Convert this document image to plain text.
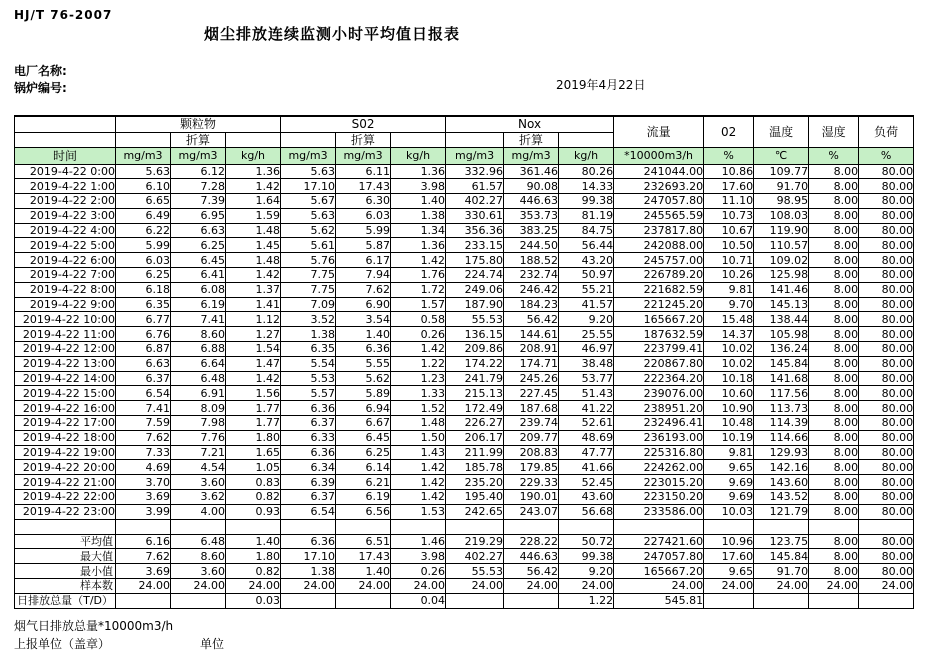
HJ/T 76-2007
烟尘排放连续监测小时平均值日报表
电厂名称:
锅炉编号:	2019年4月22日
	颗粒物			S02			Nox			流量	02	温度	湿度	负荷
		折算			折算			折算						
时间	mg/m3	mg/m3	kg/h	mg/m3	mg/m3	kg/h	mg/m3	mg/m3	kg/h	*10000m3/h	%	℃	%	%
2019-4-22 0:00	5.63	6.12	1.36	5.63	6.11	1.36	332.96	361.46	80.26	241044.00	10.86	109.77	8.00	80.00
2019-4-22 1:00	6.10	7.28	1.42	17.10	17.43	3.98	61.57	90.08	14.33	232693.20	17.60	91.70	8.00	80.00
2019-4-22 2:00	6.65	7.39	1.64	5.67	6.30	1.40	402.27	446.63	99.38	247057.80	11.10	98.95	8.00	80.00
2019-4-22 3:00	6.49	6.95	1.59	5.63	6.03	1.38	330.61	353.73	81.19	245565.59	10.73	108.03	8.00	80.00
2019-4-22 4:00	6.22	6.63	1.48	5.62	5.99	1.34	356.36	383.25	84.75	237817.80	10.67	119.90	8.00	80.00
2019-4-22 5:00	5.99	6.25	1.45	5.61	5.87	1.36	233.15	244.50	56.44	242088.00	10.50	110.57	8.00	80.00
2019-4-22 6:00	6.03	6.45	1.48	5.76	6.17	1.42	175.80	188.52	43.20	245757.00	10.71	109.02	8.00	80.00
2019-4-22 7:00	6.25	6.41	1.42	7.75	7.94	1.76	224.74	232.74	50.97	226789.20	10.26	125.98	8.00	80.00
2019-4-22 8:00	6.18	6.08	1.37	7.75	7.62	1.72	249.06	246.42	55.21	221682.59	9.81	141.46	8.00	80.00
2019-4-22 9:00	6.35	6.19	1.41	7.09	6.90	1.57	187.90	184.23	41.57	221245.20	9.70	145.13	8.00	80.00
2019-4-22 10:00	6.77	7.41	1.12	3.52	3.54	0.58	55.53	56.42	9.20	165667.20	15.48	138.44	8.00	80.00
2019-4-22 11:00	6.76	8.60	1.27	1.38	1.40	0.26	136.15	144.61	25.55	187632.59	14.37	105.98	8.00	80.00
2019-4-22 12:00	6.87	6.88	1.54	6.35	6.36	1.42	209.86	208.91	46.97	223799.41	10.02	136.24	8.00	80.00
2019-4-22 13:00	6.63	6.64	1.47	5.54	5.55	1.22	174.22	174.71	38.48	220867.80	10.02	145.84	8.00	80.00
2019-4-22 14:00	6.37	6.48	1.42	5.53	5.62	1.23	241.79	245.26	53.77	222364.20	10.18	141.68	8.00	80.00
2019-4-22 15:00	6.54	6.91	1.56	5.57	5.89	1.33	215.13	227.45	51.43	239076.00	10.60	117.56	8.00	80.00
2019-4-22 16:00	7.41	8.09	1.77	6.36	6.94	1.52	172.49	187.68	41.22	238951.20	10.90	113.73	8.00	80.00
2019-4-22 17:00	7.59	7.98	1.77	6.37	6.67	1.48	226.27	239.74	52.61	232496.41	10.48	114.39	8.00	80.00
2019-4-22 18:00	7.62	7.76	1.80	6.33	6.45	1.50	206.17	209.77	48.69	236193.00	10.19	114.66	8.00	80.00
2019-4-22 19:00	7.33	7.21	1.65	6.36	6.25	1.43	211.99	208.83	47.77	225316.80	9.81	129.93	8.00	80.00
2019-4-22 20:00	4.69	4.54	1.05	6.34	6.14	1.42	185.78	179.85	41.66	224262.00	9.65	142.16	8.00	80.00
2019-4-22 21:00	3.70	3.60	0.83	6.39	6.21	1.42	235.20	229.33	52.45	223015.20	9.69	143.60	8.00	80.00
2019-4-22 22:00	3.69	3.62	0.82	6.37	6.19	1.42	195.40	190.01	43.60	223150.20	9.69	143.52	8.00	80.00
2019-4-22 23:00	3.99	4.00	0.93	6.54	6.56	1.53	242.65	243.07	56.68	233586.00	10.03	121.79	8.00	80.00

平均值	6.16	6.48	1.40	6.36	6.51	1.46	219.29	228.22	50.72	227421.60	10.96	123.75	8.00	80.00

最大值	7.62	8.60	1.80	17.10	17.43	3.98	402.27	446.63	99.38	247057.80	17.60	145.84	8.00	80.00

最小值	3.69	3.60	0.82	1.38	1.40	0.26	55.53	56.42	9.20	165667.20	9.65	91.70	8.00	80.00

样本数	24.00	24.00	24.00	24.00	24.00	24.00	24.00	24.00	24.00	24.00	24.00	24.00	24.00	24.00

日排放总量（T/D）			0.03			0.04			1.22	545.81				
烟气日排放总量*10000m3/h
上报单位（盖章）	单位
